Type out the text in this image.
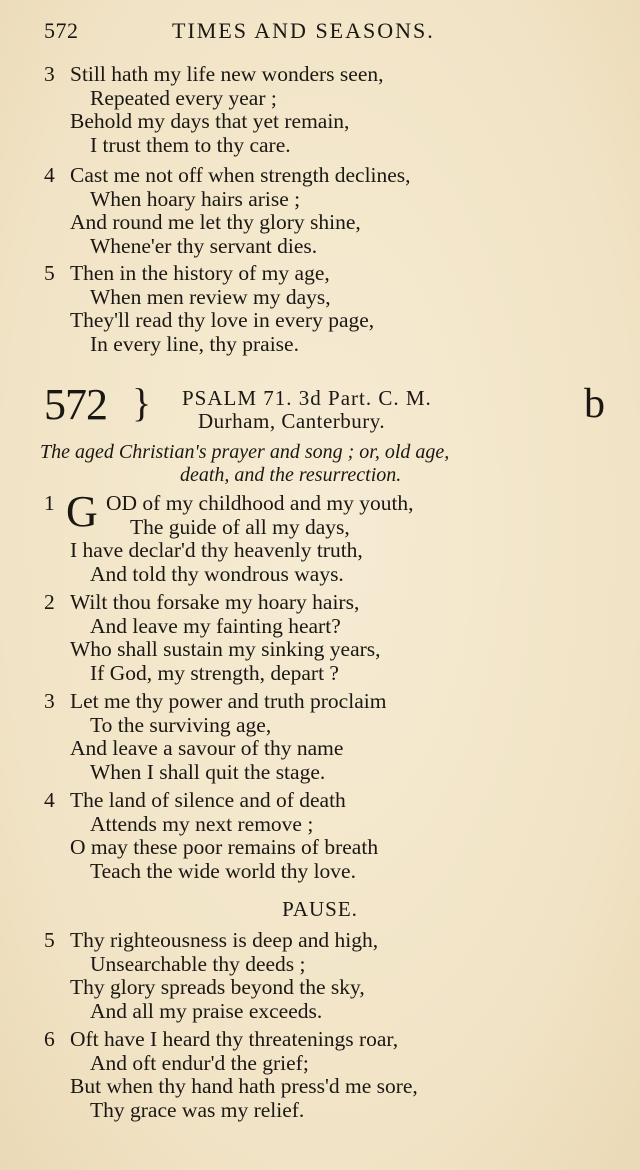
572	TIMES AND SEASONS.
3 Still hath my life new wonders seen,
Repeated every year ;
Behold my days that yet remain,
I trust them to thy care.
4 Cast me not off when strength declines,
When hoary hairs arise ;
And round me let thy glory shine,
Whene'er thy servant dies.
5 Then in the history of my age,
When men review my days,
They'll read thy love in every page,
In every line, thy praise.
572 } PSALM 71. 3d Part. C. M.
Durham, Canterbury.	b
The aged Christian's prayer and song ; or, old age,
death, and the resurrection.
1 G OD of my childhood and my youth,
The guide of all my days,
I have declar'd thy heavenly truth,
And told thy wondrous ways.
2 Wilt thou forsake my hoary hairs,
And leave my fainting heart?
Who shall sustain my sinking years,
If God, my strength, depart ?
3 Let me thy power and truth proclaim
To the surviving age,
And leave a savour of thy name
When I shall quit the stage.
4 The land of silence and of death
Attends my next remove ;
O may these poor remains of breath
Teach the wide world thy love.
PAUSE.
5 Thy righteousness is deep and high,
Unsearchable thy deeds ;
Thy glory spreads beyond the sky,
And all my praise exceeds.
6 Oft have I heard thy threatenings roar,
And oft endur'd the grief;
But when thy hand hath press'd me sore,
Thy grace was my relief.
